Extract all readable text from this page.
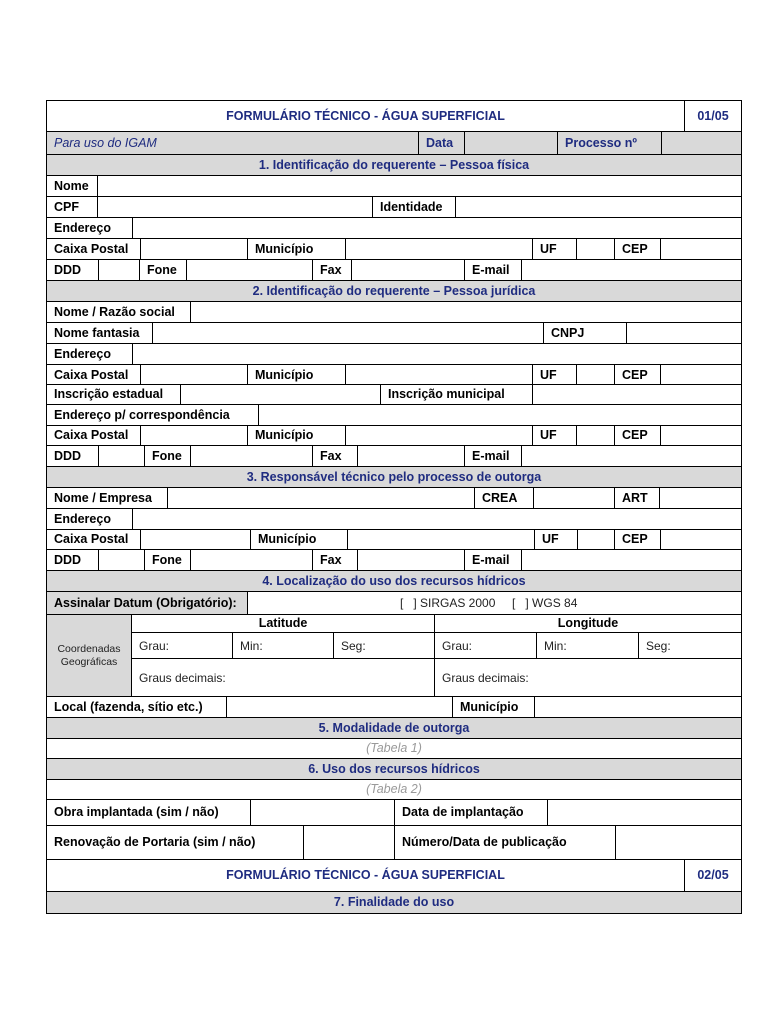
FORMULÁRIO TÉCNICO - ÁGUA SUPERFICIAL	01/05
Para uso do IGAM	Data	Processo nº
1. Identificação do requerente – Pessoa física
Nome
CPF	Identidade
Endereço
Caixa Postal	Município	UF	CEP
DDD	Fone	Fax	E-mail
2. Identificação do requerente – Pessoa jurídica
Nome / Razão social
Nome fantasia	CNPJ
Endereço
Caixa Postal	Município	UF	CEP
Inscrição estadual	Inscrição municipal
Endereço p/ correspondência
Caixa Postal	Município	UF	CEP
DDD	Fone	Fax	E-mail
3. Responsável técnico pelo processo de outorga
Nome / Empresa	CREA	ART
Endereço
Caixa Postal	Município	UF	CEP
DDD	Fone	Fax	E-mail
4. Localização do uso dos recursos hídricos
Assinalar Datum (Obrigatório):	[   ] SIRGAS 2000     [   ] WGS 84
Coordenadas Geográficas
Latitude	Longitude
Grau:	Min:	Seg:	Grau:	Min:	Seg:
Graus decimais:	Graus decimais:
Local (fazenda, sítio etc.)	Município
5. Modalidade de outorga
(Tabela 1)
6. Uso dos recursos hídricos
(Tabela 2)
Obra implantada (sim / não)	Data de implantação
Renovação de Portaria (sim / não)	Número/Data de publicação
FORMULÁRIO TÉCNICO - ÁGUA SUPERFICIAL	02/05
7. Finalidade do uso
